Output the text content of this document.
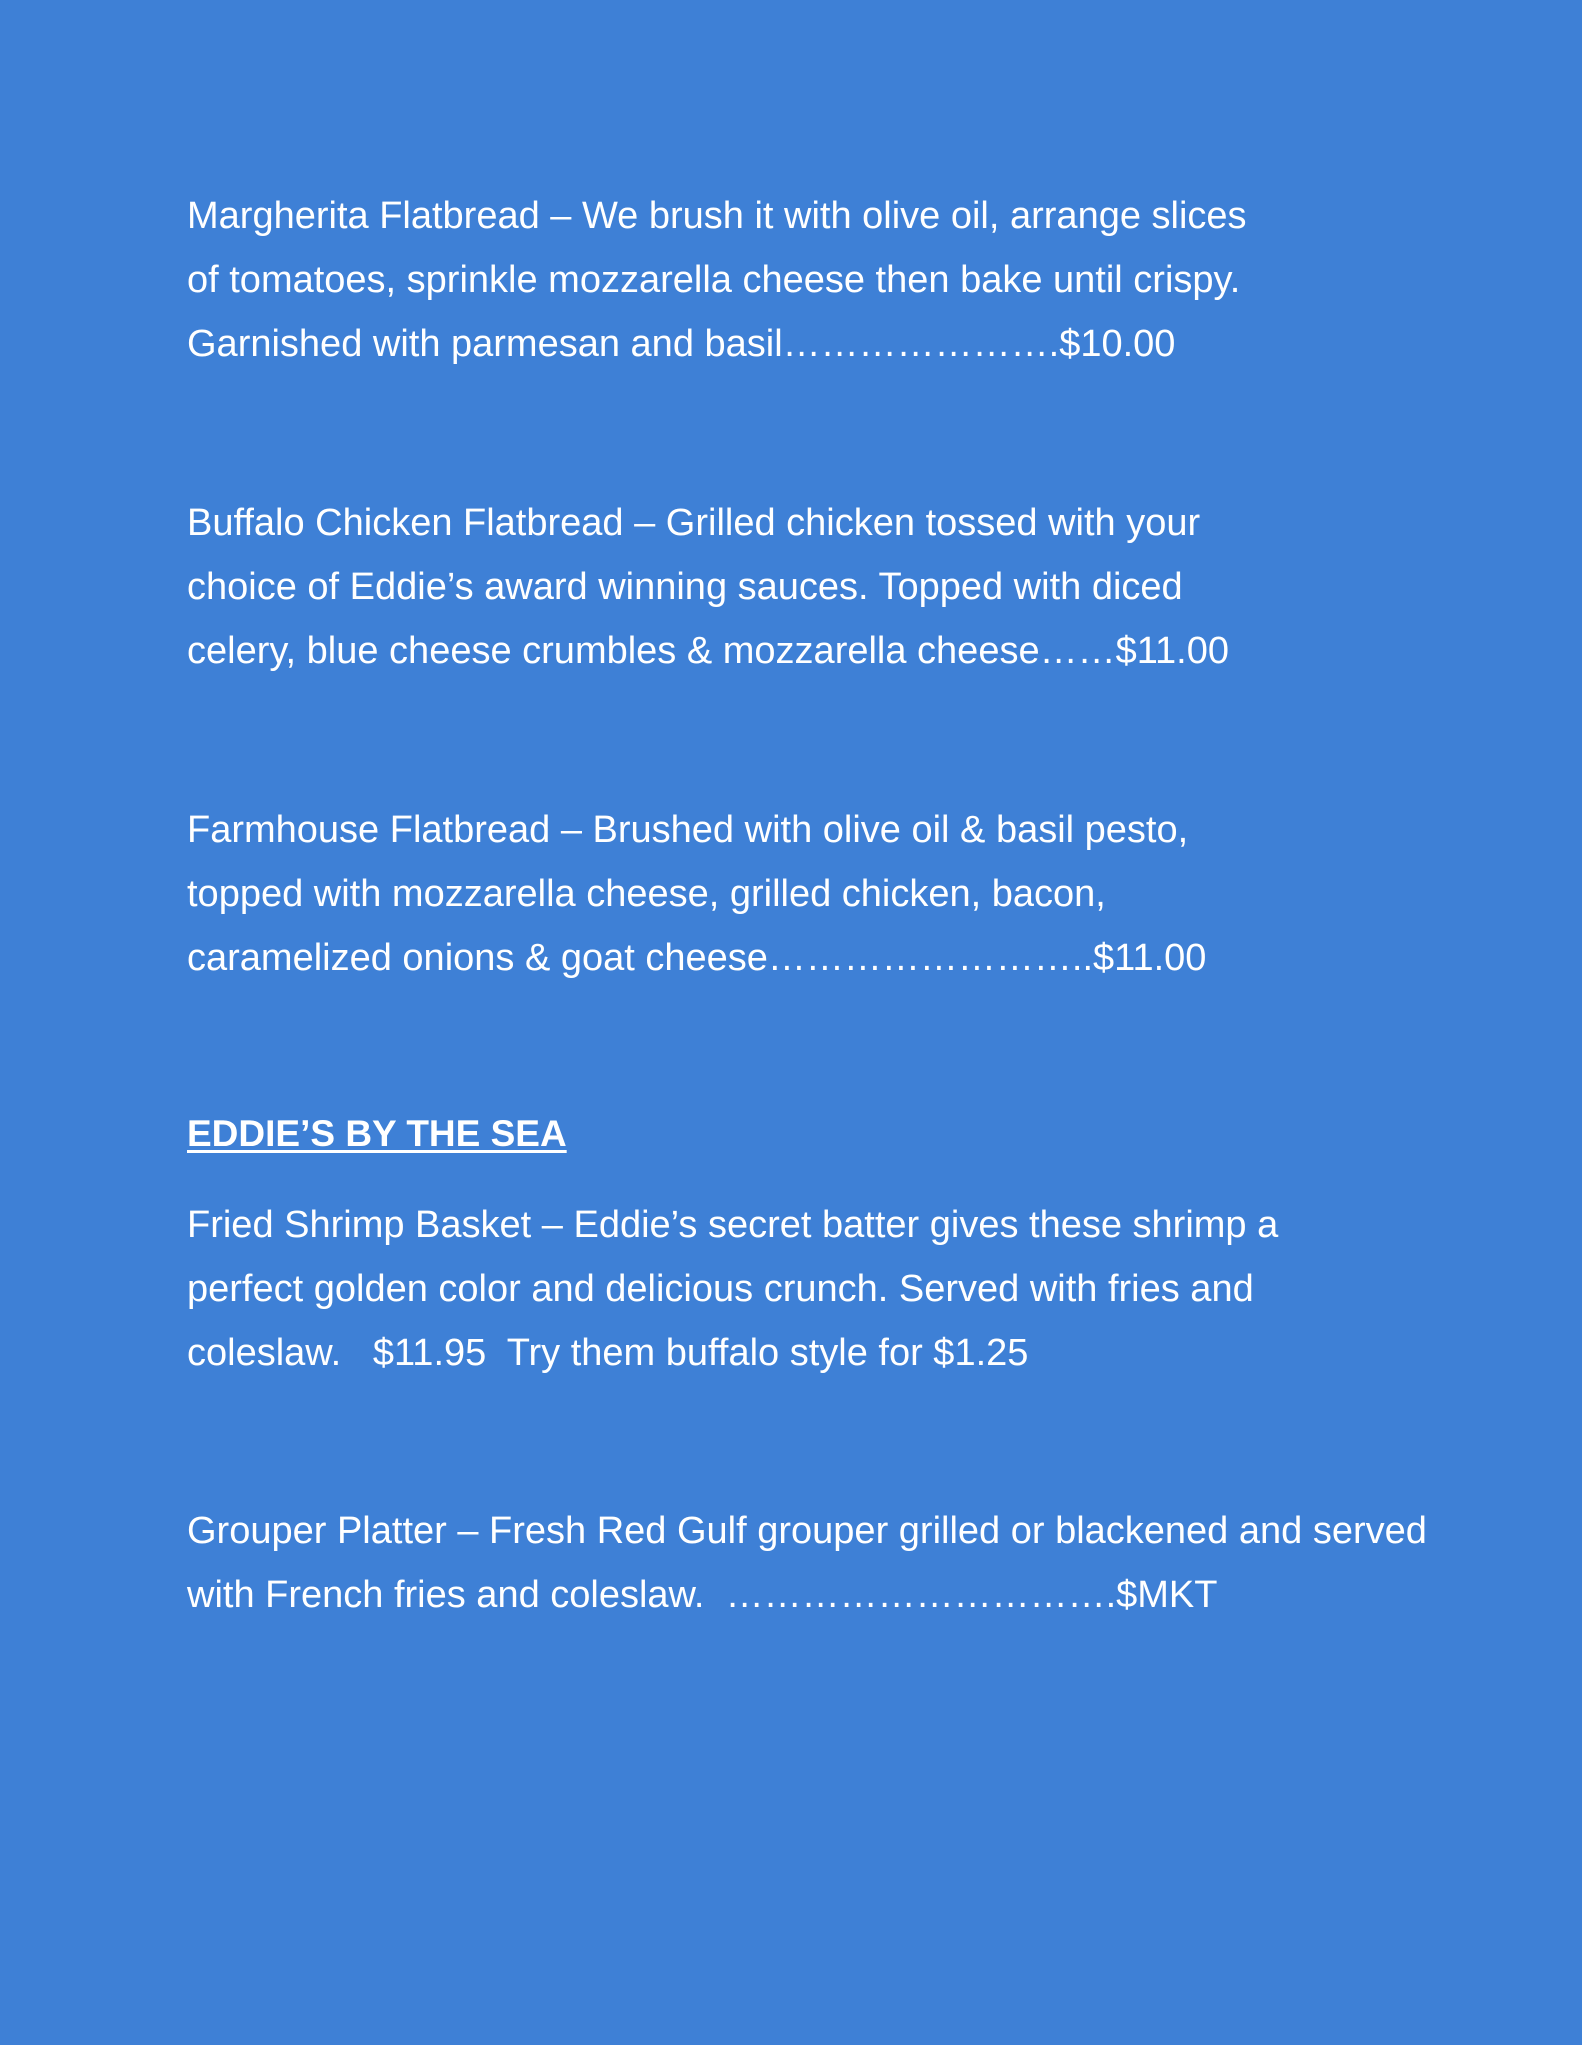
Margherita Flatbread – We brush it with olive oil, arrange slices
of tomatoes, sprinkle mozzarella cheese then bake until crispy.
Garnished with parmesan and basil………………….$10.00
Buffalo Chicken Flatbread – Grilled chicken tossed with your
choice of Eddie’s award winning sauces. Topped with diced
celery, blue cheese crumbles & mozzarella cheese……$11.00
Farmhouse Flatbread – Brushed with olive oil & basil pesto,
topped with mozzarella cheese, grilled chicken, bacon,
caramelized onions & goat cheese……………………..$11.00
EDDIE’S BY THE SEA
Fried Shrimp Basket – Eddie’s secret batter gives these shrimp a
perfect golden color and delicious crunch. Served with fries and
coleslaw.   $11.95  Try them buffalo style for $1.25
Grouper Platter – Fresh Red Gulf grouper grilled or blackened and served
with French fries and coleslaw.  ………………………….$MKT
